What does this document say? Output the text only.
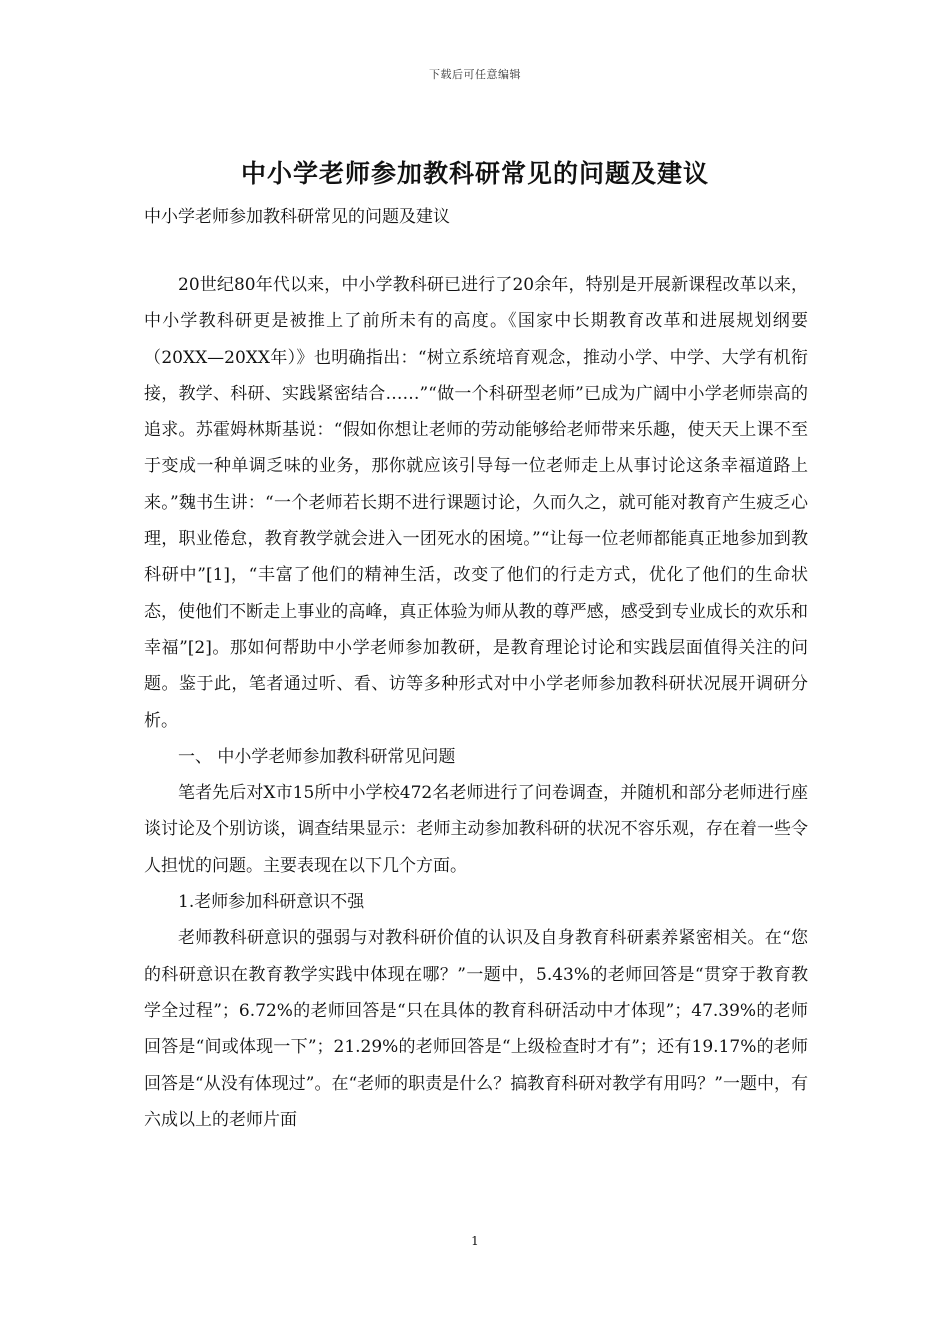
下载后可任意编辑
中小学老师参加教科研常见的问题及建议

中小学老师参加教科研常见的问题及建议

20世纪80年代以来，中小学教科研已进行了20余年，特别是开展新课程改革以来，中小学教科研更是被推上了前所未有的高度。《国家中长期教育改革和进展规划纲要（20XX—20XX年）》也明确指出：“树立系统培育观念，推动小学、中学、大学有机衔接，教学、科研、实践紧密结合……”“做一个科研型老师”已成为广阔中小学老师崇高的追求。苏霍姆林斯基说：“假如你想让老师的劳动能够给老师带来乐趣，使天天上课不至于变成一种单调乏味的业务，那你就应该引导每一位老师走上从事讨论这条幸福道路上来。”魏书生讲：“一个老师若长期不进行课题讨论，久而久之，就可能对教育产生疲乏心理，职业倦怠，教育教学就会进入一团死水的困境。”“让每一位老师都能真正地参加到教科研中”[1]，“丰富了他们的精神生活，改变了他们的行走方式，优化了他们的生命状态，使他们不断走上事业的高峰，真正体验为师从教的尊严感，感受到专业成长的欢乐和幸福”[2]。那如何帮助中小学老师参加教研，是教育理论讨论和实践层面值得关注的问题。鉴于此，笔者通过听、看、访等多种形式对中小学老师参加教科研状况展开调研分析。

一、 中小学老师参加教科研常见问题

笔者先后对X市15所中小学校472名老师进行了问卷调查，并随机和部分老师进行座谈讨论及个别访谈，调查结果显示：老师主动参加教科研的状况不容乐观，存在着一些令人担忧的问题。主要表现在以下几个方面。

1.老师参加科研意识不强

老师教科研意识的强弱与对教科研价值的认识及自身教育科研素养紧密相关。在“您的科研意识在教育教学实践中体现在哪？”一题中，5.43%的老师回答是“贯穿于教育教学全过程”；6.72%的老师回答是“只在具体的教育科研活动中才体现”；47.39%的老师回答是“间或体现一下”；21.29%的老师回答是“上级检查时才有”；还有19.17%的老师回答是“从没有体现过”。在“老师的职责是什么？搞教育科研对教学有用吗？”一题中，有六成以上的老师片面

1
